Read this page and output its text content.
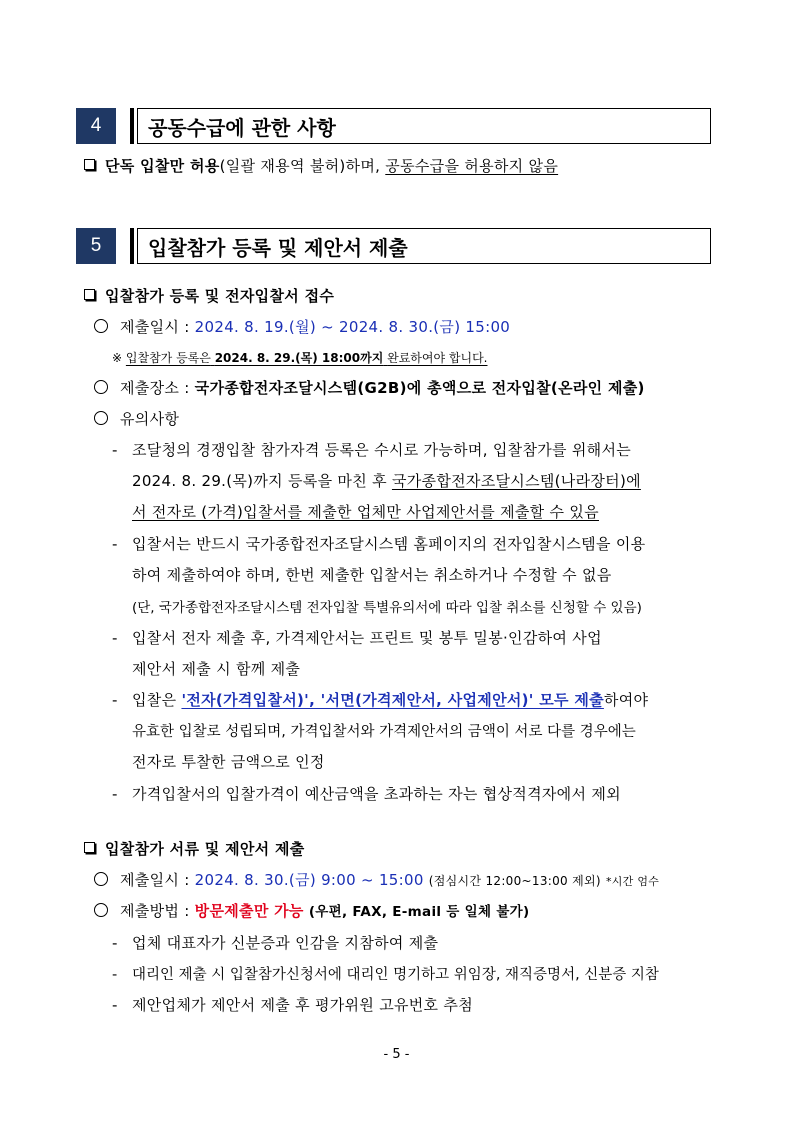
4 공동수급에 관한 사항
단독 입찰만 허용(일괄 재용역 불허)하며, 공동수급을 허용하지 않음
5 입찰참가 등록 및 제안서 제출
입찰참가 등록 및 전자입찰서 접수
제출일시 : 2024. 8. 19.(월) ~ 2024. 8. 30.(금) 15:00
※ 입찰참가 등록은 2024. 8. 29.(목) 18:00까지 완료하여야 합니다.
제출장소 : 국가종합전자조달시스템(G2B)에 총액으로 전자입찰(온라인 제출)
유의사항
- 조달청의 경쟁입찰 참가자격 등록은 수시로 가능하며, 입찰참가를 위해서는
2024. 8. 29.(목)까지 등록을 마친 후 국가종합전자조달시스템(나라장터)에
서 전자로 (가격)입찰서를 제출한 업체만 사업제안서를 제출할 수 있음
- 입찰서는 반드시 국가종합전자조달시스템 홈페이지의 전자입찰시스템을 이용
하여 제출하여야 하며, 한번 제출한 입찰서는 취소하거나 수정할 수 없음
(단, 국가종합전자조달시스템 전자입찰 특별유의서에 따라 입찰 취소를 신청할 수 있음)
- 입찰서 전자 제출 후, 가격제안서는 프린트 및 봉투 밀봉·인감하여 사업
제안서 제출 시 함께 제출
- 입찰은 '전자(가격입찰서)', '서면(가격제안서, 사업제안서)' 모두 제출하여야
유효한 입찰로 성립되며, 가격입찰서와 가격제안서의 금액이 서로 다를 경우에는
전자로 투찰한 금액으로 인정
- 가격입찰서의 입찰가격이 예산금액을 초과하는 자는 협상적격자에서 제외
입찰참가 서류 및 제안서 제출
제출일시 : 2024. 8. 30.(금) 9:00 ~ 15:00 (점심시간 12:00~13:00 제외) *시간 엄수
제출방법 : 방문제출만 가능 (우편, FAX, E-mail 등 일체 불가)
- 업체 대표자가 신분증과 인감을 지참하여 제출
- 대리인 제출 시 입찰참가신청서에 대리인 명기하고 위임장, 재직증명서, 신분증 지참
- 제안업체가 제안서 제출 후 평가위원 고유번호 추첨
- 5 -
